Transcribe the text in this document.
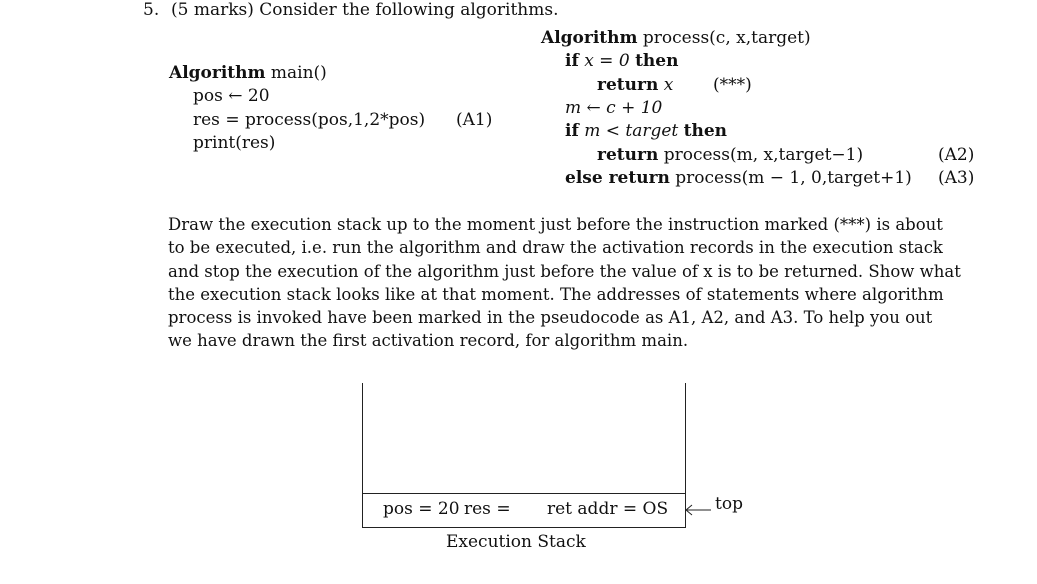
5. (5 marks) Consider the following algorithms.
Algorithm main()
pos ← 20
res = process(pos,1,2*pos) (A1)
print(res)
Algorithm process(c, x,target)
if x = 0 then
return x (***)
m ← c + 10
if m < target then
return process(m, x,target−1)	(A2)
else return process(m − 1, 0,target+1) (A3)
Draw the execution stack up to the moment just before the instruction marked (***) is about
to be executed, i.e. run the algorithm and draw the activation records in the execution stack
and stop the execution of the algorithm just before the value of x is to be returned. Show what
the execution stack looks like at that moment. The addresses of statements where algorithm
process is invoked have been marked in the pseudocode as A1, A2, and A3. To help you out
we have drawn the first activation record, for algorithm main.
pos = 20 res = ret addr = OS	top
Execution Stack
